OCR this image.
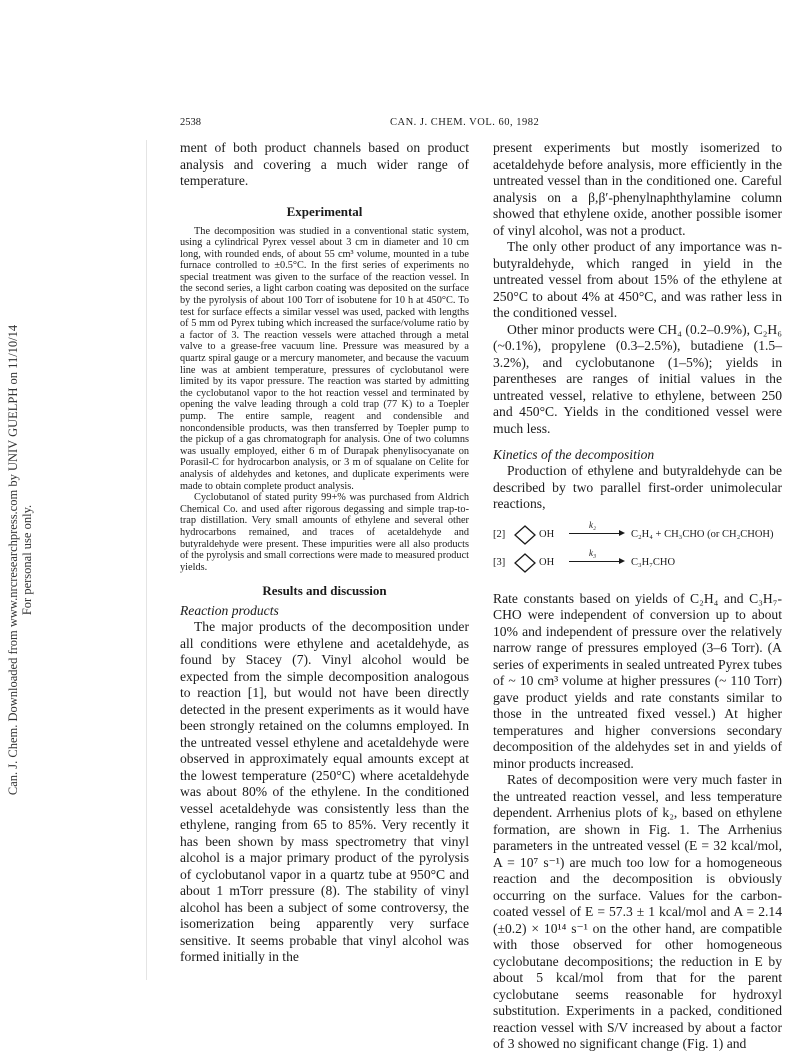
Can. J. Chem. Downloaded from www.nrcresearchpress.com by UNIV GUELPH on 11/10/14 For personal use only.
2538	CAN. J. CHEM. VOL. 60, 1982

ment of both product channels based on product analysis and covering a much wider range of temperature.

Experimental

The decomposition was studied in a conventional static system, using a cylindrical Pyrex vessel about 3 cm in diameter and 10 cm long, with rounded ends, of about 55 cm³ volume, mounted in a tube furnace controlled to ±0.5°C. In the first series of experiments no special treatment was given to the surface of the reaction vessel. In the second series, a light carbon coating was deposited on the surface by the pyrolysis of about 100 Torr of isobutene for 10 h at 450°C. To test for surface effects a similar vessel was used, packed with lengths of 5 mm od Pyrex tubing which increased the surface/volume ratio by a factor of 3. The reaction vessels were attached through a metal valve to a grease-free vacuum line. Pressure was measured by a quartz spiral gauge or a mercury manometer, and because the vacuum line was at ambient temperature, pressures of cyclobutanol were limited by its vapor pressure. The reaction was started by admitting the cyclobutanol vapor to the hot reaction vessel and terminated by opening the valve leading through a cold trap (77 K) to a Toepler pump. The entire sample, reagent and condensible and noncondensible products, was then transferred by Toepler pump to the pickup of a gas chromatograph for analysis. One of two columns was usually employed, either 6 m of Durapak phenylisocyanate on Porasil-C for hydrocarbon analysis, or 3 m of squalane on Celite for analysis of aldehydes and ketones, and duplicate experiments were made to obtain complete product analysis.

Cyclobutanol of stated purity 99+% was purchased from Aldrich Chemical Co. and used after rigorous degassing and simple trap-to-trap distillation. Very small amounts of ethylene and several other hydrocarbons remained, and traces of acetaldehyde and butyraldehyde were present. These impurities were all also products of the pyrolysis and small corrections were made to measured product yields.

Results and discussion

Reaction products

The major products of the decomposition under all conditions were ethylene and acetaldehyde, as found by Stacey (7). Vinyl alcohol would be expected from the simple decomposition analogous to reaction [1], but would not have been directly detected in the present experiments as it would have been strongly retained on the columns employed. In the untreated vessel ethylene and acetaldehyde were observed in approximately equal amounts except at the lowest temperature (250°C) where acetaldehyde was about 80% of the ethylene. In the conditioned vessel acetaldehyde was consistently less than the ethylene, ranging from 65 to 85%. Very recently it has been shown by mass spectrometry that vinyl alcohol is a major primary product of the pyrolysis of cyclobutanol vapor in a quartz tube at 950°C and about 1 mTorr pressure (8). The stability of vinyl alcohol has been a subject of some controversy, the isomerization being apparently very surface sensitive. It seems probable that vinyl alcohol was formed initially in the

present experiments but mostly isomerized to acetaldehyde before analysis, more efficiently in the untreated vessel than in the conditioned one. Careful analysis on a β,β′-phenylnaphthylamine column showed that ethylene oxide, another possible isomer of vinyl alcohol, was not a product.

The only other product of any importance was n-butyraldehyde, which ranged in yield in the untreated vessel from about 15% of the ethylene at 250°C to about 4% at 450°C, and was rather less in the conditioned vessel.

Other minor products were CH₄ (0.2–0.9%), C₂H₆ (~0.1%), propylene (0.3–2.5%), butadiene (1.5–3.2%), and cyclobutanone (1–5%); yields in parentheses are ranges of initial values in the untreated vessel, relative to ethylene, between 250 and 450°C. Yields in the conditioned vessel were much less.

Kinetics of the decomposition

Production of ethylene and butyraldehyde can be described by two parallel first-order unimolecular reactions,

[2]	OH
k₂
C₂H₄ + CH₃CHO (or CH₂CHOH)
[3]	OH
k₃
C₃H₇CHO

Rate constants based on yields of C₂H₄ and C₃H₇-CHO were independent of conversion up to about 10% and independent of pressure over the relatively narrow range of pressures employed (3–6 Torr). (A series of experiments in sealed untreated Pyrex tubes of ~ 10 cm³ volume at higher pressures (~ 110 Torr) gave product yields and rate constants similar to those in the untreated fixed vessel.) At higher temperatures and higher conversions secondary decomposition of the aldehydes set in and yields of minor products increased.

Rates of decomposition were very much faster in the untreated reaction vessel, and less temperature dependent. Arrhenius plots of k₂, based on ethylene formation, are shown in Fig. 1. The Arrhenius parameters in the untreated vessel (E = 32 kcal/mol, A = 10⁷ s⁻¹) are much too low for a homogeneous reaction and the decomposition is obviously occurring on the surface. Values for the carbon-coated vessel of E = 57.3 ± 1 kcal/mol and A = 2.14 (±0.2) × 10¹⁴ s⁻¹ on the other hand, are compatible with those observed for other homogeneous cyclobutane decompositions; the reduction in E by about 5 kcal/mol from that for the parent cyclobutane seems reasonable for hydroxyl substitution. Experiments in a packed, conditioned reaction vessel with S/V increased by about a factor of 3 showed no significant change (Fig. 1) and
